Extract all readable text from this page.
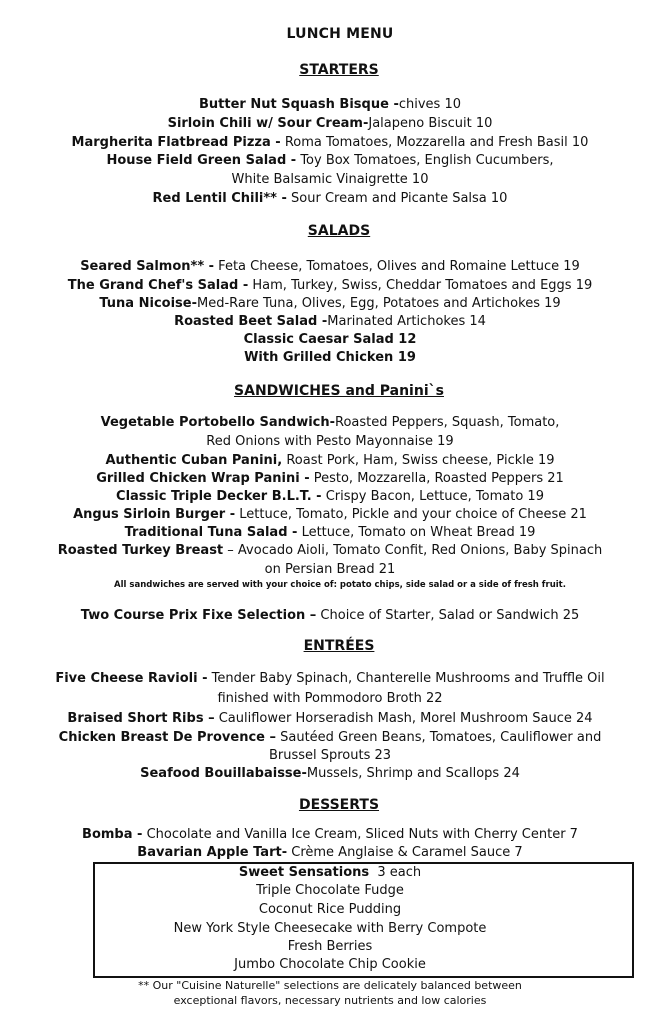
LUNCH MENU
STARTERS
Butter Nut Squash Bisque -chives 10
Sirloin Chili w/ Sour Cream-Jalapeno Biscuit 10
Margherita Flatbread Pizza - Roma Tomatoes, Mozzarella and Fresh Basil 10
House Field Green Salad - Toy Box Tomatoes, English Cucumbers,
White Balsamic Vinaigrette 10
Red Lentil Chili** - Sour Cream and Picante Salsa 10
SALADS
Seared Salmon** - Feta Cheese, Tomatoes, Olives and Romaine Lettuce 19
The Grand Chef's Salad - Ham, Turkey, Swiss, Cheddar Tomatoes and Eggs 19
Tuna Nicoise-Med-Rare Tuna, Olives, Egg, Potatoes and Artichokes 19
Roasted Beet Salad -Marinated Artichokes 14
Classic Caesar Salad 12
With Grilled Chicken 19
SANDWICHES and Panini`s
Vegetable Portobello Sandwich-Roasted Peppers, Squash, Tomato,
Red Onions with Pesto Mayonnaise 19
Authentic Cuban Panini, Roast Pork, Ham, Swiss cheese, Pickle 19
Grilled Chicken Wrap Panini - Pesto, Mozzarella, Roasted Peppers 21
Classic Triple Decker B.L.T. - Crispy Bacon, Lettuce, Tomato 19
Angus Sirloin Burger - Lettuce, Tomato, Pickle and your choice of Cheese 21
Traditional Tuna Salad - Lettuce, Tomato on Wheat Bread 19
Roasted Turkey Breast – Avocado Aioli, Tomato Confit, Red Onions, Baby Spinach
on Persian Bread 21
All sandwiches are served with your choice of: potato chips, side salad or a side of fresh fruit.
Two Course Prix Fixe Selection – Choice of Starter, Salad or Sandwich 25
ENTRÉES
Five Cheese Ravioli - Tender Baby Spinach, Chanterelle Mushrooms and Truffle Oil
finished with Pommodoro Broth 22
Braised Short Ribs – Cauliflower Horseradish Mash, Morel Mushroom Sauce 24
Chicken Breast De Provence – Sautéed Green Beans, Tomatoes, Cauliflower and
Brussel Sprouts 23
Seafood Bouillabaisse-Mussels, Shrimp and Scallops 24
DESSERTS
Bomba - Chocolate and Vanilla Ice Cream, Sliced Nuts with Cherry Center 7
Bavarian Apple Tart- Crème Anglaise & Caramel Sauce 7
Sweet Sensations 3 each
Triple Chocolate Fudge
Coconut Rice Pudding
New York Style Cheesecake with Berry Compote
Fresh Berries
Jumbo Chocolate Chip Cookie
** Our "Cuisine Naturelle" selections are delicately balanced between
exceptional flavors, necessary nutrients and low calories
